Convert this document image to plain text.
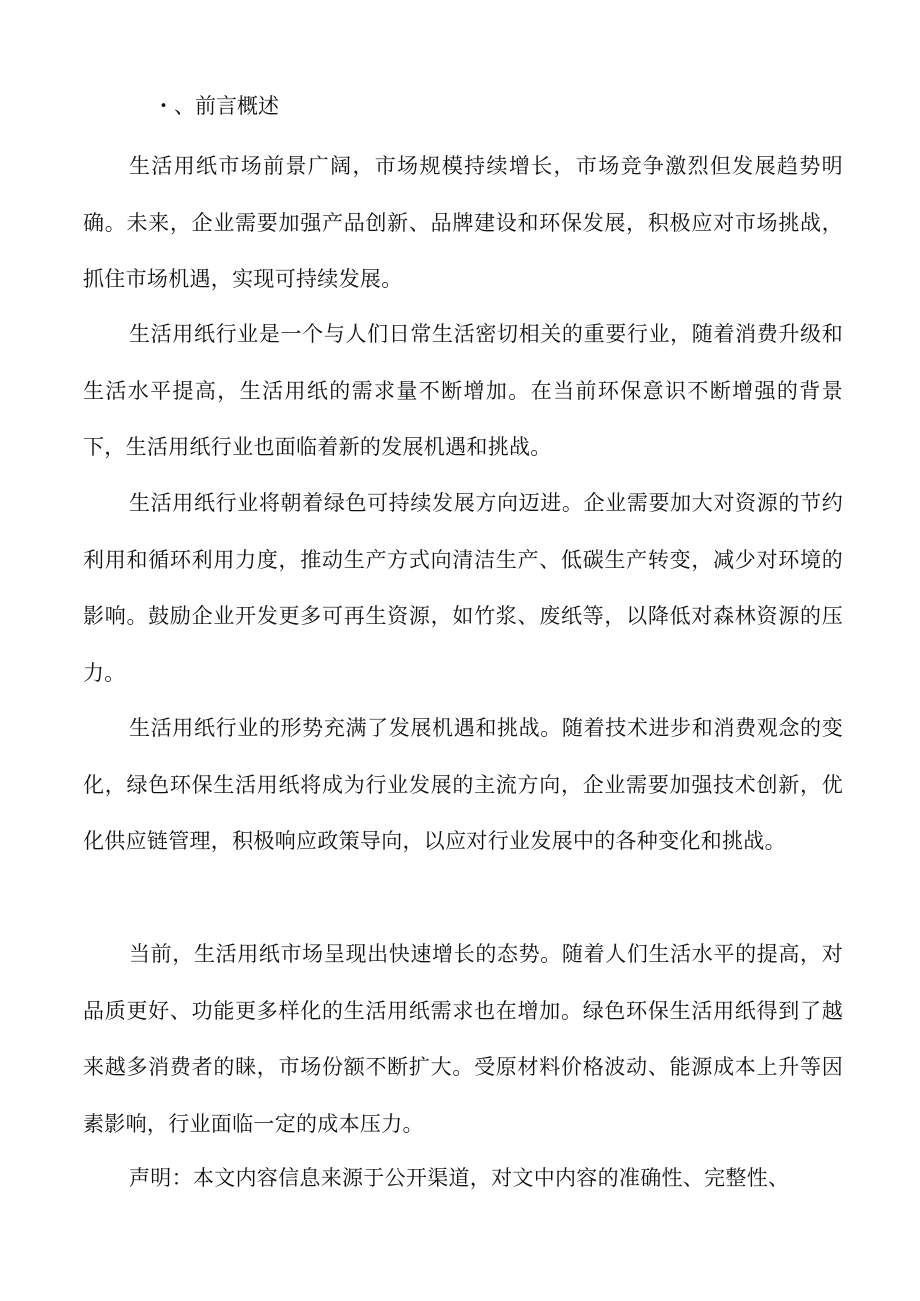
・、前言概述

生活用纸市场前景广阔，市场规模持续增长，市场竞争激烈但发展趋势明确。未来，企业需要加强产品创新、品牌建设和环保发展，积极应对市场挑战，抓住市场机遇，实现可持续发展。

生活用纸行业是一个与人们日常生活密切相关的重要行业，随着消费升级和生活水平提高，生活用纸的需求量不断增加。在当前环保意识不断增强的背景下，生活用纸行业也面临着新的发展机遇和挑战。

生活用纸行业将朝着绿色可持续发展方向迈进。企业需要加大对资源的节约利用和循环利用力度，推动生产方式向清洁生产、低碳生产转变，减少对环境的影响。鼓励企业开发更多可再生资源，如竹浆、废纸等，以降低对森林资源的压力。

生活用纸行业的形势充满了发展机遇和挑战。随着技术进步和消费观念的变化，绿色环保生活用纸将成为行业发展的主流方向，企业需要加强技术创新，优化供应链管理，积极响应政策导向，以应对行业发展中的各种变化和挑战。

当前，生活用纸市场呈现出快速增长的态势。随着人们生活水平的提高，对品质更好、功能更多样化的生活用纸需求也在增加。绿色环保生活用纸得到了越来越多消费者的睐，市场份额不断扩大。受原材料价格波动、能源成本上升等因素影响，行业面临一定的成本压力。

声明：本文内容信息来源于公开渠道，对文中内容的准确性、完整性、
